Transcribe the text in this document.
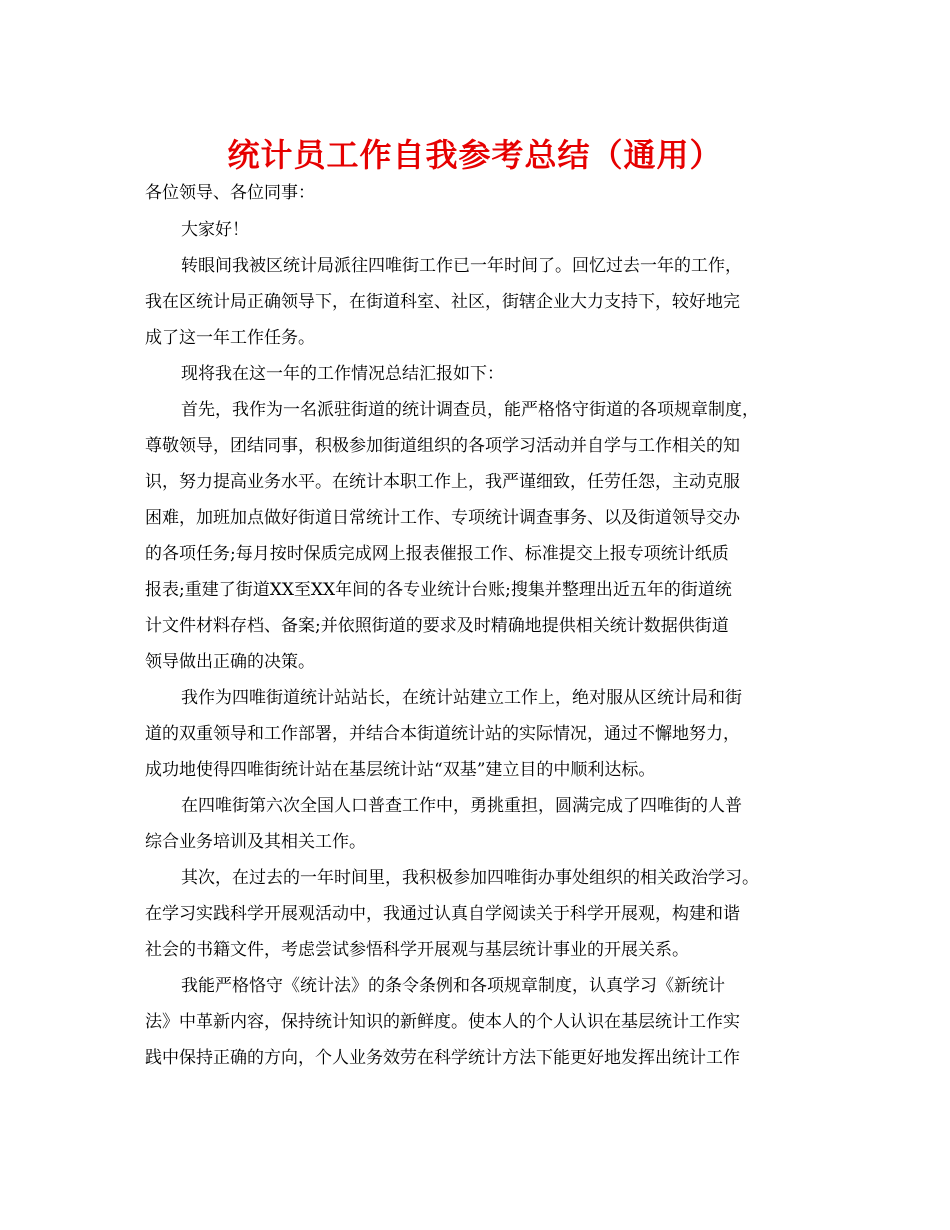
统计员工作自我参考总结（通用）
各位领导、各位同事：

大家好！

转眼间我被区统计局派往四唯街工作已一年时间了。回忆过去一年的工作，
我在区统计局正确领导下，在街道科室、社区，街辖企业大力支持下，较好地完
成了这一年工作任务。

现将我在这一年的工作情况总结汇报如下：

首先，我作为一名派驻街道的统计调查员，能严格恪守街道的各项规章制度，
尊敬领导，团结同事，积极参加街道组织的各项学习活动并自学与工作相关的知
识，努力提高业务水平。在统计本职工作上，我严谨细致，任劳任怨，主动克服
困难，加班加点做好街道日常统计工作、专项统计调查事务、以及街道领导交办
的各项任务;每月按时保质完成网上报表催报工作、标准提交上报专项统计纸质
报表;重建了街道XX至XX年间的各专业统计台账;搜集并整理出近五年的街道统
计文件材料存档、备案;并依照街道的要求及时精确地提供相关统计数据供街道
领导做出正确的决策。

我作为四唯街道统计站站长，在统计站建立工作上，绝对服从区统计局和街
道的双重领导和工作部署，并结合本街道统计站的实际情况，通过不懈地努力，
成功地使得四唯街统计站在基层统计站“双基”建立目的中顺利达标。

在四唯街第六次全国人口普查工作中，勇挑重担，圆满完成了四唯街的人普
综合业务培训及其相关工作。

其次，在过去的一年时间里，我积极参加四唯街办事处组织的相关政治学习。
在学习实践科学开展观活动中，我通过认真自学阅读关于科学开展观，构建和谐
社会的书籍文件，考虑尝试参悟科学开展观与基层统计事业的开展关系。

我能严格恪守《统计法》的条令条例和各项规章制度，认真学习《新统计
法》中革新内容，保持统计知识的新鲜度。使本人的个人认识在基层统计工作实
践中保持正确的方向，个人业务效劳在科学统计方法下能更好地发挥出统计工作
